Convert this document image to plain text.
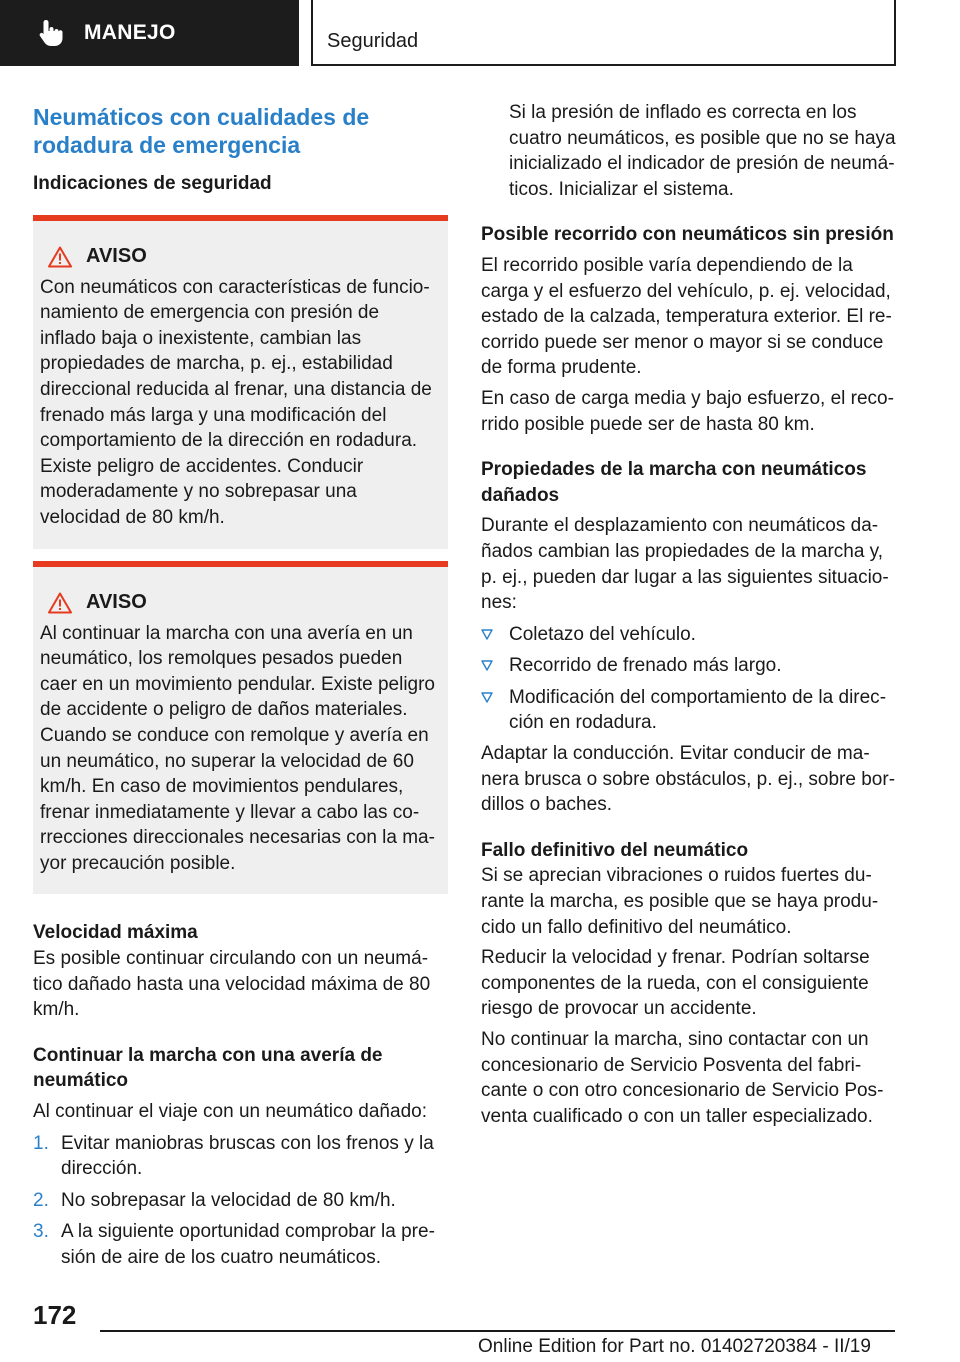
MANEJO	Seguridad
Neumáticos con cualidades de
rodadura de emergencia
Indicaciones de seguridad
AVISO

Con neumáticos con características de funcionamiento de emergencia con presión de inflado baja o inexistente, cambian las propiedades de marcha, p. ej., estabilidad direccional reducida al frenar, una distancia de frenado más larga y una modificación del comportamiento de la dirección en rodadura. Existe peligro de accidentes. Conducir moderadamente y no sobrepasar una velocidad de 80 km/h.

AVISO

Al continuar la marcha con una avería en un neumático, los remolques pesados pueden caer en un movimiento pendular. Existe peligro de accidente o peligro de daños materiales. Cuando se conduce con remolque y avería en un neumático, no superar la velocidad de 60 km/h. En caso de movimientos pendulares, frenar inmediatamente y llevar a cabo las correcciones direccionales necesarias con la mayor precaución posible.

Velocidad máxima

Es posible continuar circulando con un neumático dañado hasta una velocidad máxima de 80 km/h.

Continuar la marcha con una avería de neumático

Al continuar el viaje con un neumático dañado:

1. Evitar maniobras bruscas con los frenos y la dirección.
2. No sobrepasar la velocidad de 80 km/h.
3. A la siguiente oportunidad comprobar la presión de aire de los cuatro neumáticos.

Si la presión de inflado es correcta en los cuatro neumáticos, es posible que no se haya inicializado el indicador de presión de neumáticos. Inicializar el sistema.

Posible recorrido con neumáticos sin presión

El recorrido posible varía dependiendo de la carga y el esfuerzo del vehículo, p. ej. velocidad, estado de la calzada, temperatura exterior. El recorrido puede ser menor o mayor si se conduce de forma prudente.

En caso de carga media y bajo esfuerzo, el recorrido posible puede ser de hasta 80 km.

Propiedades de la marcha con neumáticos dañados

Durante el desplazamiento con neumáticos dañados cambian las propiedades de la marcha y, p. ej., pueden dar lugar a las siguientes situaciones:

Coletazo del vehículo.
Recorrido de frenado más largo.
Modificación del comportamiento de la dirección en rodadura.

Adaptar la conducción. Evitar conducir de manera brusca o sobre obstáculos, p. ej., sobre bordillos o baches.

Fallo definitivo del neumático

Si se aprecian vibraciones o ruidos fuertes durante la marcha, es posible que se haya producido un fallo definitivo del neumático.

Reducir la velocidad y frenar. Podrían soltarse componentes de la rueda, con el consiguiente riesgo de provocar un accidente.

No continuar la marcha, sino contactar con un concesionario de Servicio Posventa del fabricante o con otro concesionario de Servicio Posventa cualificado o con un taller especializado.

172
Online Edition for Part no. 01402720384 - II/19
